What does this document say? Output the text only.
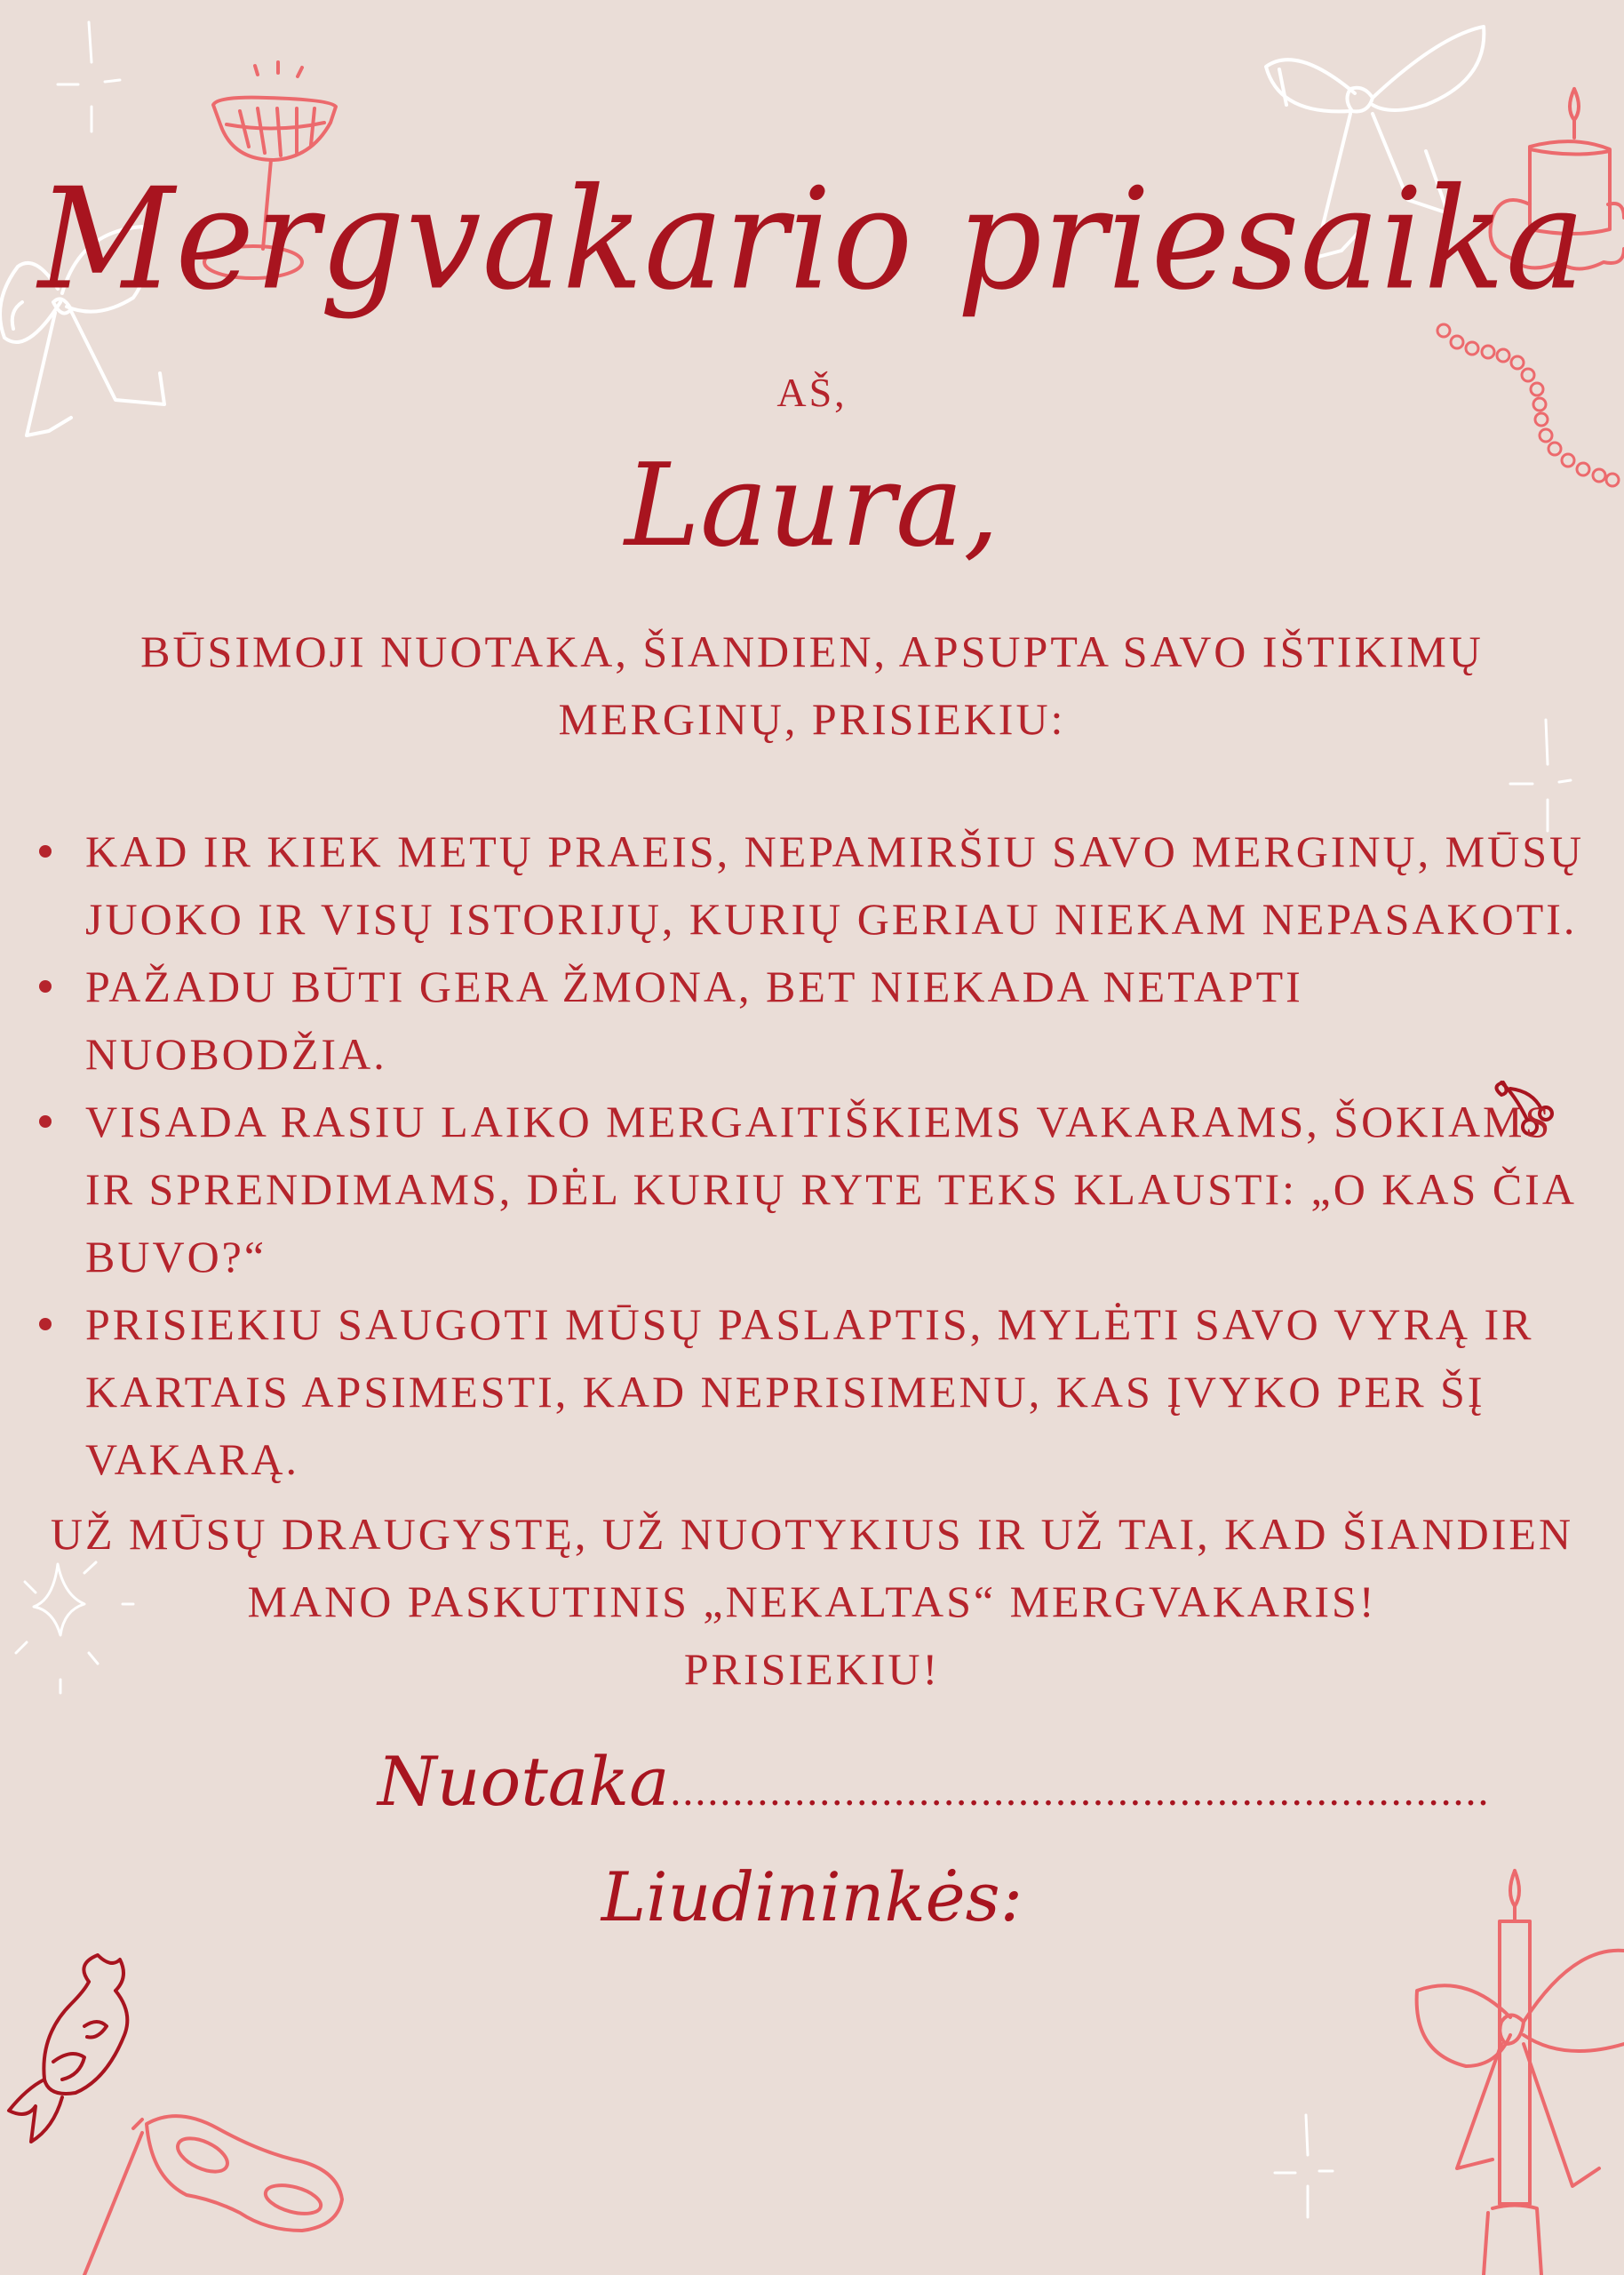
Mergvakario priesaika
AŠ,
Laura,
BŪSIMOJI NUOTAKA, ŠIANDIEN, APSUPTA SAVO IŠTIKIMŲ MERGINŲ, PRISIEKIU:
KAD IR KIEK METŲ PRAEIS, NEPAMIRŠIU SAVO MERGINŲ, MŪSŲ JUOKO IR VISŲ ISTORIJŲ, KURIŲ GERIAU NIEKAM NEPASAKOTI.
PAŽADU BŪTI GERA ŽMONA, BET NIEKADA NETAPTI NUOBODŽIA.
VISADA RASIU LAIKO MERGAITIŠKIEMS VAKARAMS, ŠOKIAMS IR SPRENDIMAMS, DĖL KURIŲ RYTE TEKS KLAUSTI: „O KAS ČIA BUVO?“
PRISIEKIU SAUGOTI MŪSŲ PASLAPTIS, MYLĖTI SAVO VYRĄ IR KARTAIS APSIMESTI, KAD NEPRISIMENU, KAS ĮVYKO PER ŠĮ VAKARĄ.
UŽ MŪSŲ DRAUGYSTĘ, UŽ NUOTYKIUS IR UŽ TAI, KAD ŠIANDIEN
MANO PASKUTINIS „NEKALTAS“ MERGVAKARIS!
PRISIEKIU!
Nuotaka..................................................................
Liudininkės:
